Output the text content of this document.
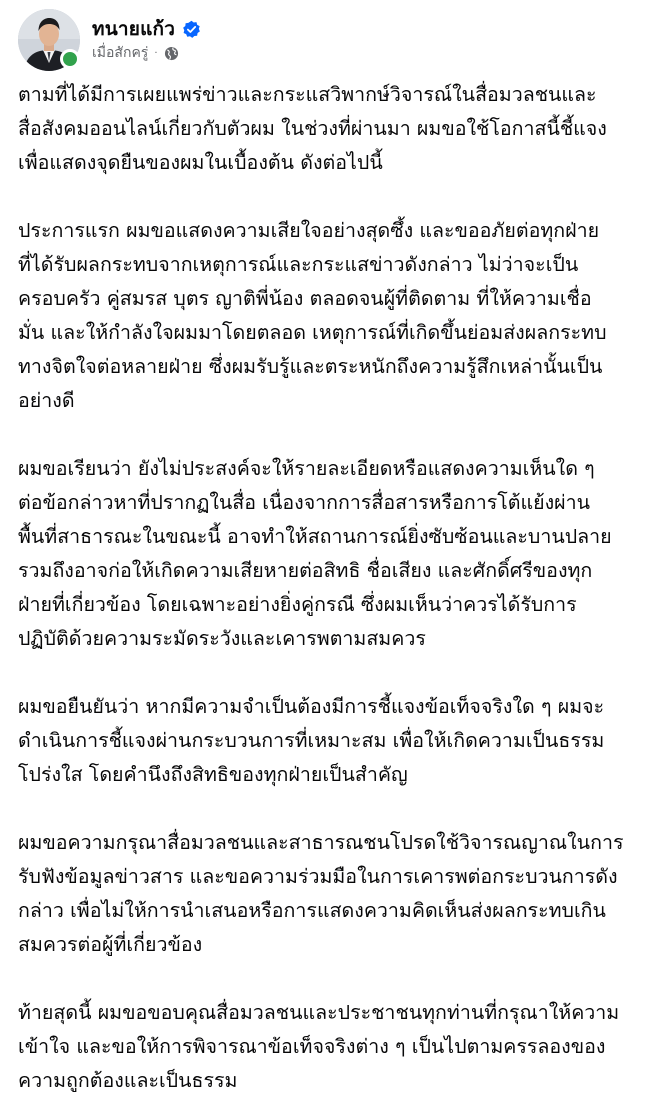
ทนายแก้ว
เมื่อสักครู่ ·
ตามที่ได้มีการเผยแพร่ข่าวและกระแสวิพากษ์วิจารณ์ในสื่อมวลชนและ
สื่อสังคมออนไลน์เกี่ยวกับตัวผม ในช่วงที่ผ่านมา ผมขอใช้โอกาสนี้ชี้แจง
เพื่อแสดงจุดยืนของผมในเบื้องต้น ดังต่อไปนี้
ประการแรก ผมขอแสดงความเสียใจอย่างสุดซึ้ง และขออภัยต่อทุกฝ่าย
ที่ได้รับผลกระทบจากเหตุการณ์และกระแสข่าวดังกล่าว ไม่ว่าจะเป็น
ครอบครัว คู่สมรส บุตร ญาติพี่น้อง ตลอดจนผู้ที่ติดตาม ที่ให้ความเชื่อ
มั่น และให้กำลังใจผมมาโดยตลอด เหตุการณ์ที่เกิดขึ้นย่อมส่งผลกระทบ
ทางจิตใจต่อหลายฝ่าย ซึ่งผมรับรู้และตระหนักถึงความรู้สึกเหล่านั้นเป็น
อย่างดี
ผมขอเรียนว่า ยังไม่ประสงค์จะให้รายละเอียดหรือแสดงความเห็นใด ๆ
ต่อข้อกล่าวหาที่ปรากฏในสื่อ เนื่องจากการสื่อสารหรือการโต้แย้งผ่าน
พื้นที่สาธารณะในขณะนี้ อาจทำให้สถานการณ์ยิ่งซับซ้อนและบานปลาย
รวมถึงอาจก่อให้เกิดความเสียหายต่อสิทธิ ชื่อเสียง และศักดิ์ศรีของทุก
ฝ่ายที่เกี่ยวข้อง โดยเฉพาะอย่างยิ่งคู่กรณี ซึ่งผมเห็นว่าควรได้รับการ
ปฏิบัติด้วยความระมัดระวังและเคารพตามสมควร
ผมขอยืนยันว่า หากมีความจำเป็นต้องมีการชี้แจงข้อเท็จจริงใด ๆ ผมจะ
ดำเนินการชี้แจงผ่านกระบวนการที่เหมาะสม เพื่อให้เกิดความเป็นธรรม
โปร่งใส โดยคำนึงถึงสิทธิของทุกฝ่ายเป็นสำคัญ
ผมขอความกรุณาสื่อมวลชนและสาธารณชนโปรดใช้วิจารณญาณในการ
รับฟังข้อมูลข่าวสาร และขอความร่วมมือในการเคารพต่อกระบวนการดัง
กล่าว เพื่อไม่ให้การนำเสนอหรือการแสดงความคิดเห็นส่งผลกระทบเกิน
สมควรต่อผู้ที่เกี่ยวข้อง
ท้ายสุดนี้ ผมขอขอบคุณสื่อมวลชนและประชาชนทุกท่านที่กรุณาให้ความ
เข้าใจ และขอให้การพิจารณาข้อเท็จจริงต่าง ๆ เป็นไปตามครรลองของ
ความถูกต้องและเป็นธรรม
